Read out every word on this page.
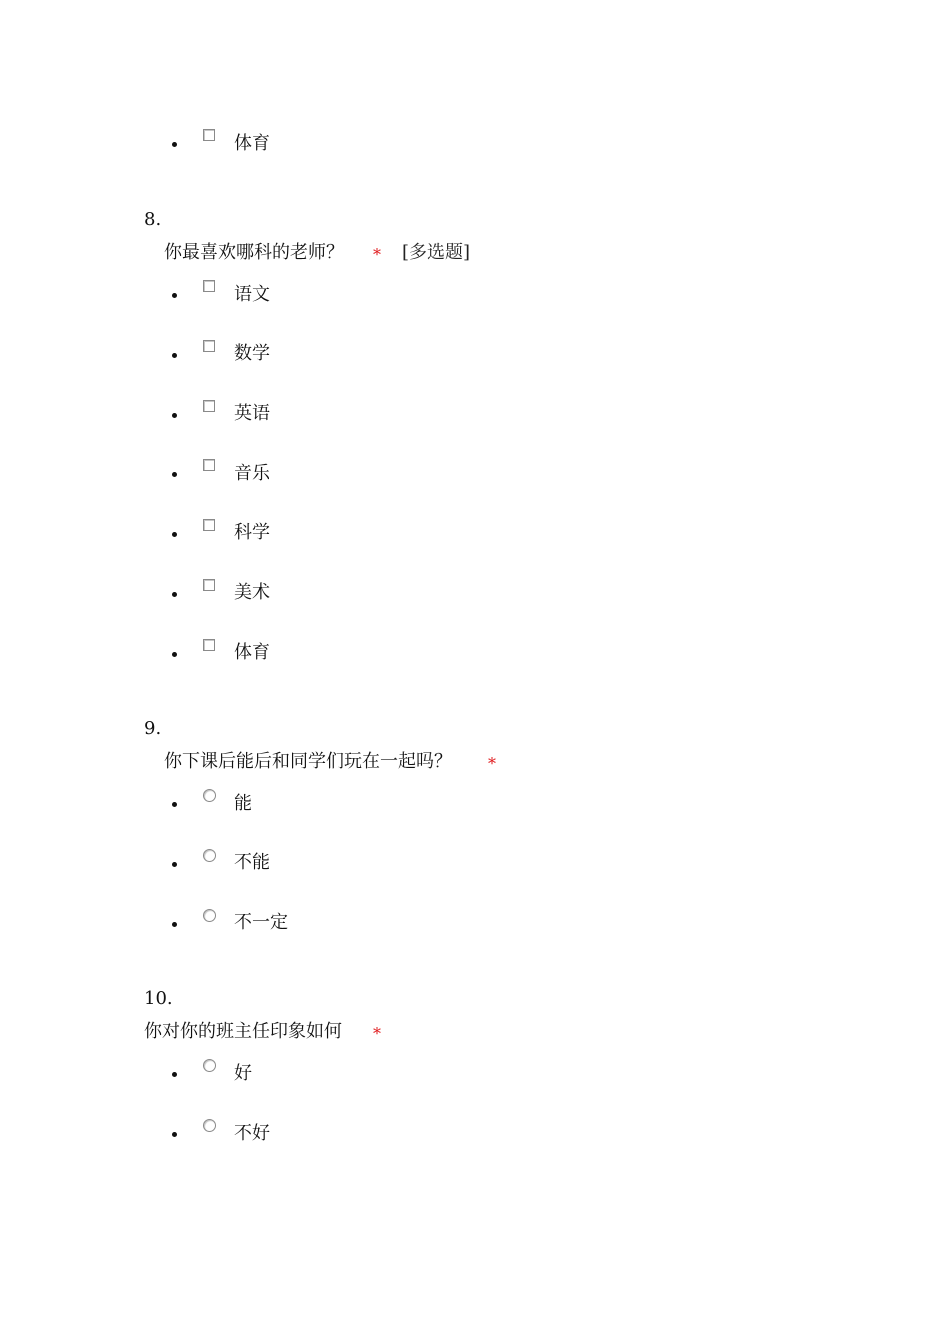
体育
8.
你最喜欢哪科的老师？ * [多选题]
语文
数学
英语
音乐
科学
美术
体育
9.
你下课后能后和同学们玩在一起吗？ *
能
不能
不一定
10.
你对你的班主任印象如何 *
好
不好
